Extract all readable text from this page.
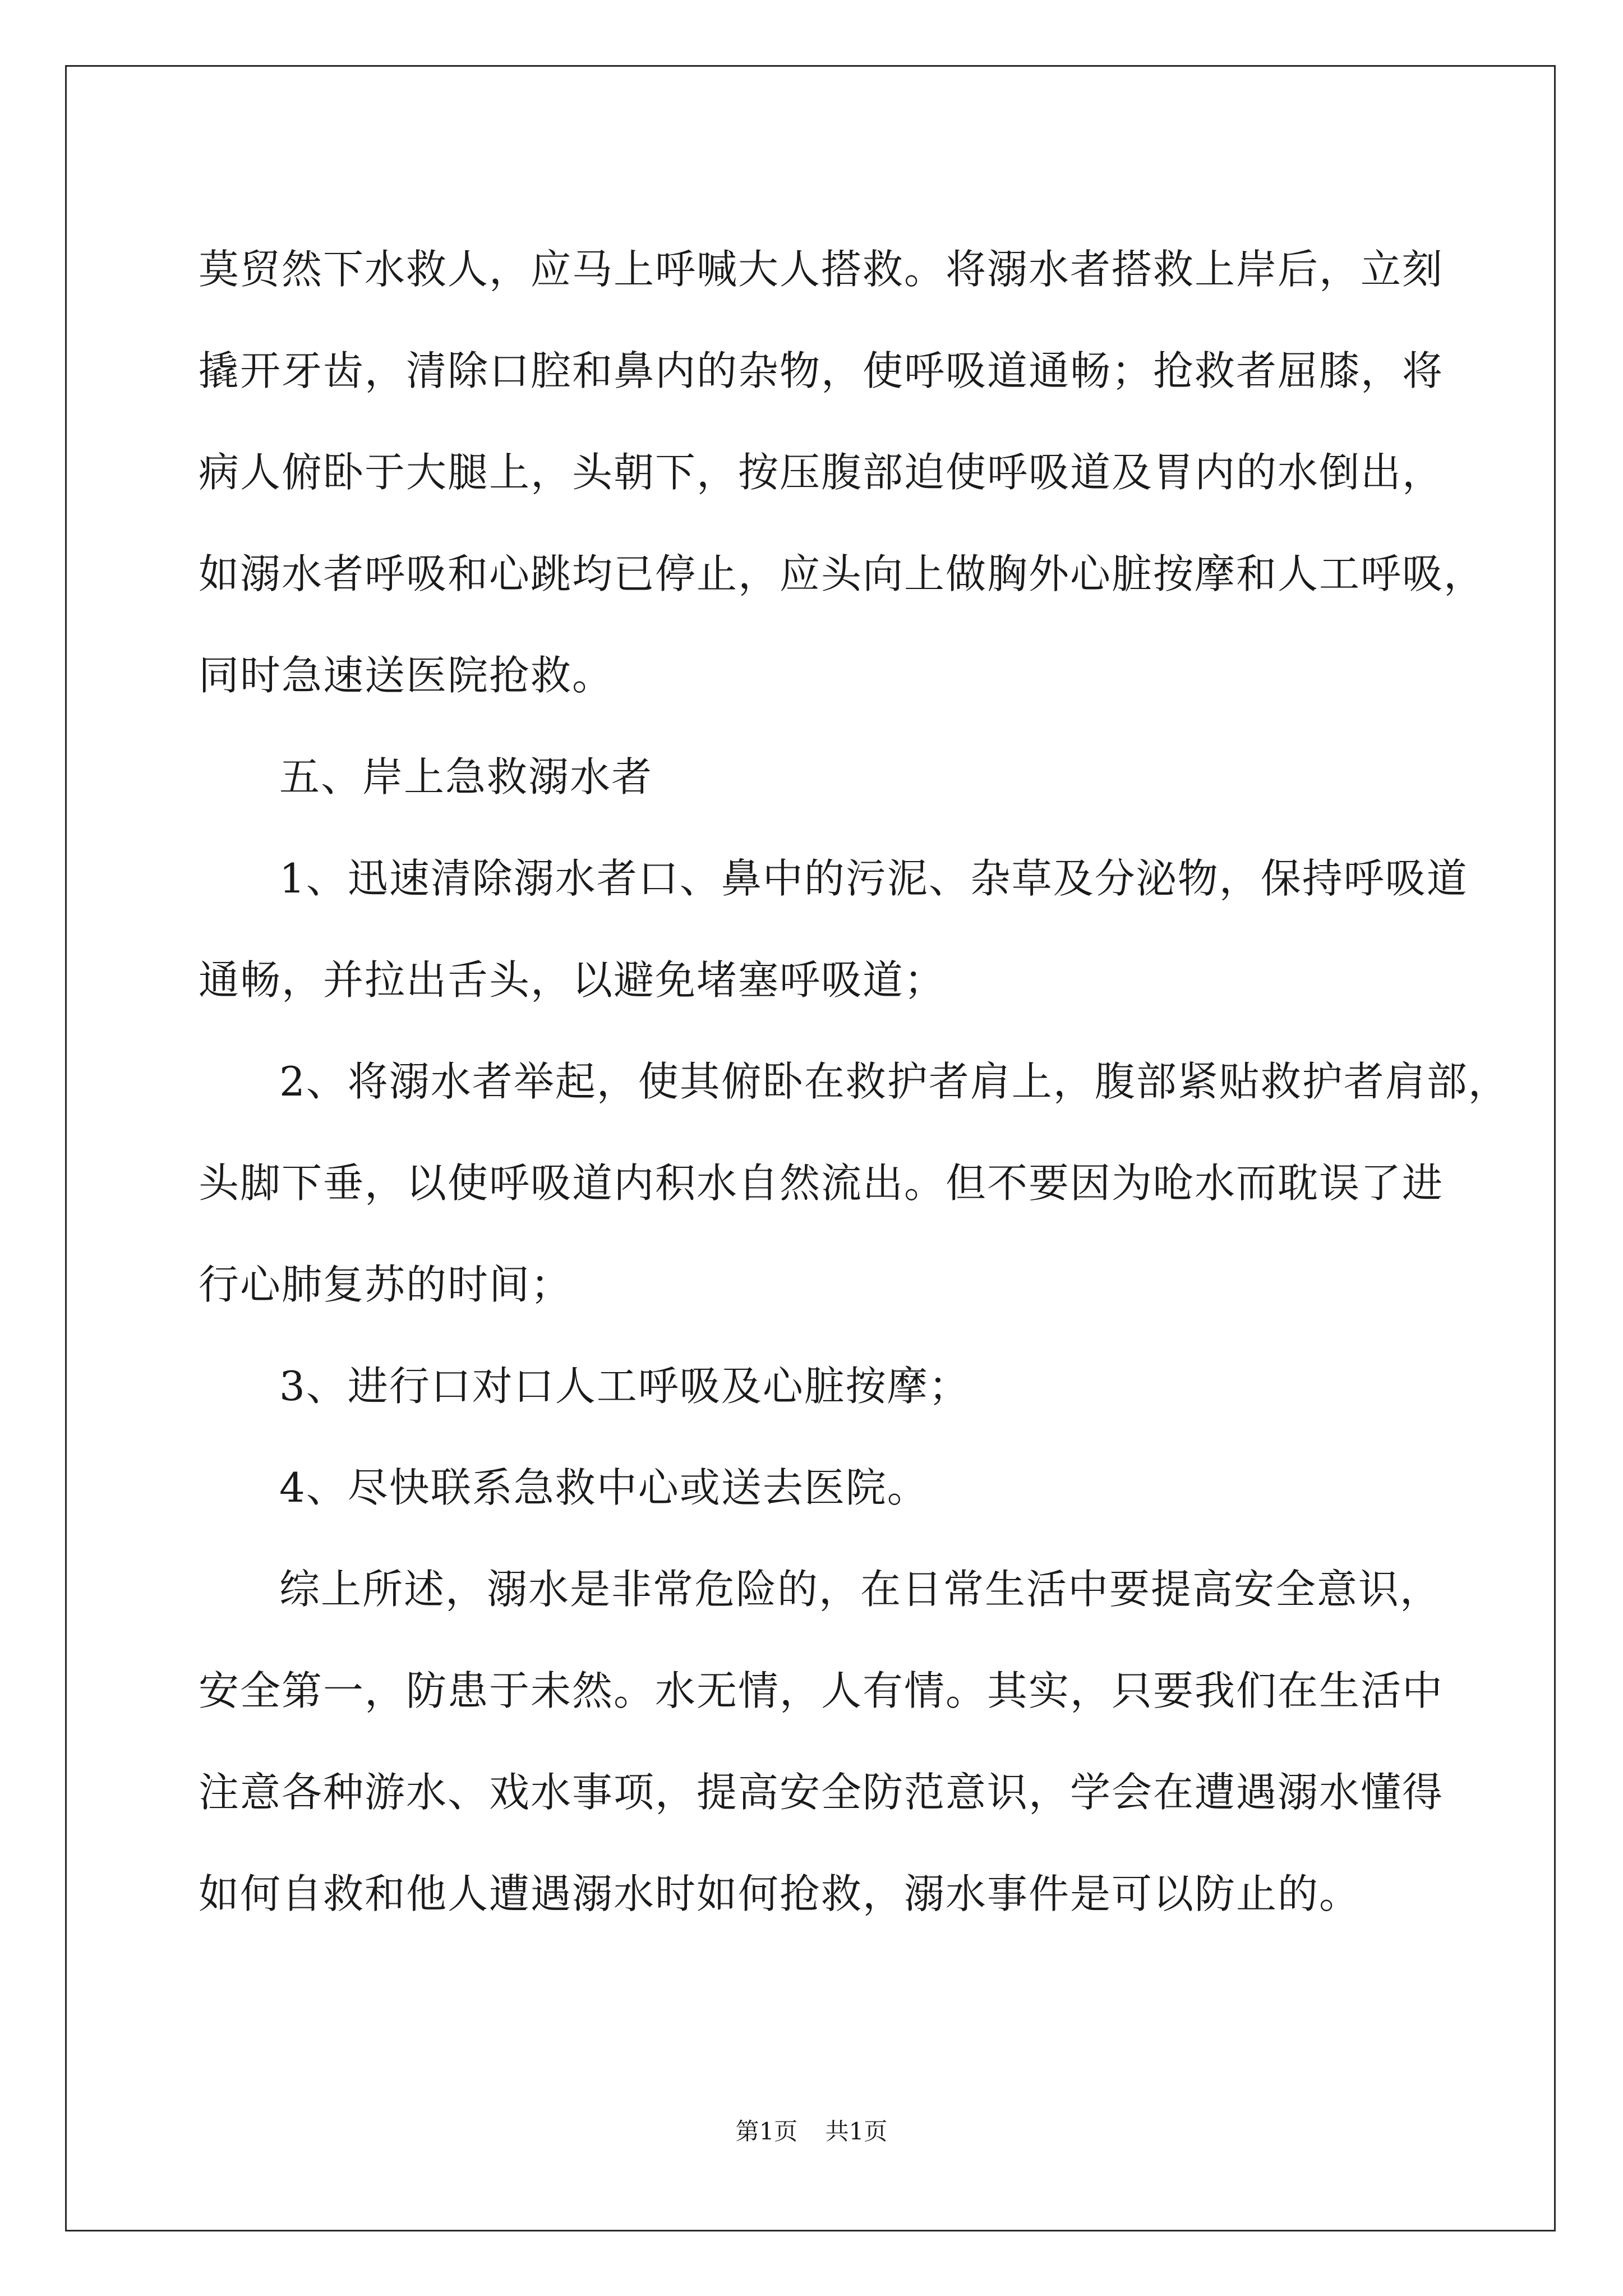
莫贸然下水救人，应马上呼喊大人搭救。将溺水者搭救上岸后，立刻
撬开牙齿，清除口腔和鼻内的杂物，使呼吸道通畅；抢救者屈膝，将
病人俯卧于大腿上，头朝下，按压腹部迫使呼吸道及胃内的水倒出，
如溺水者呼吸和心跳均已停止，应头向上做胸外心脏按摩和人工呼吸，
同时急速送医院抢救。
五、岸上急救溺水者
1、迅速清除溺水者口、鼻中的污泥、杂草及分泌物，保持呼吸道
通畅，并拉出舌头，以避免堵塞呼吸道；
2、将溺水者举起，使其俯卧在救护者肩上，腹部紧贴救护者肩部，
头脚下垂，以使呼吸道内积水自然流出。但不要因为呛水而耽误了进
行心肺复苏的时间；
3、进行口对口人工呼吸及心脏按摩；
4、尽快联系急救中心或送去医院。
综上所述，溺水是非常危险的，在日常生活中要提高安全意识，
安全第一，防患于未然。水无情，人有情。其实，只要我们在生活中
注意各种游水、戏水事项，提高安全防范意识，学会在遭遇溺水懂得
如何自救和他人遭遇溺水时如何抢救，溺水事件是可以防止的。
第1页 共1页
